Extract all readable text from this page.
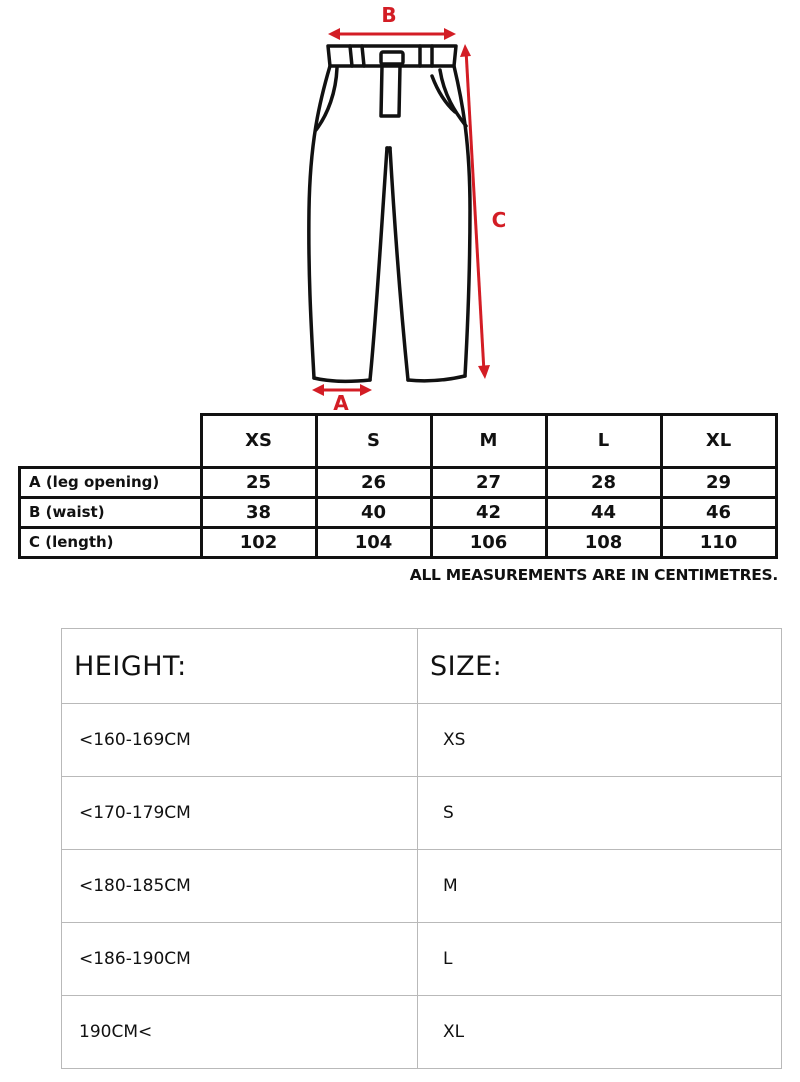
B
C
A
	XS	S	M	L	XL
A (leg opening)	25	26	27	28	29
B (waist)	38	40	42	44	46
C (length)	102	104	106	108	110
ALL MEASUREMENTS ARE IN CENTIMETRES.
HEIGHT:	SIZE:
<160-169CM	XS
<170-179CM	S
<180-185CM	M
<186-190CM	L
190CM<	XL
